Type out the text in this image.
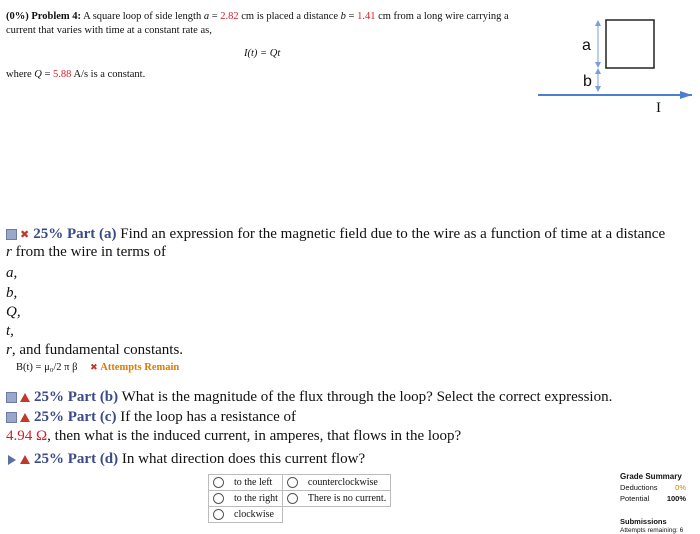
(0%) Problem 4: A square loop of side length a = 2.82 cm is placed a distance b = 1.41 cm from a long wire carrying a
current that varies with time at a constant rate as,
I(t) = Qt
where Q = 5.88 A/s is a constant.
a
b
I
✖ 25% Part (a) Find an expression for the magnetic field due to the wire as a function of time at a distance
r from the wire in terms of
a,
b,
Q,
t,
r, and fundamental constants.
B(t) = μ₀/2 π β ✖ Attempts Remain
25% Part (b) What is the magnitude of the flux through the loop? Select the correct expression.
25% Part (c) If the loop has a resistance of
4.94 Ω, then what is the induced current, in amperes, that flows in the loop?
25% Part (d) In what direction does this current flow?
to the left	counterclockwise
to the right	There is no current.
clockwise	
Grade Summary
Deductions 0%
Potential 100%
Submissions
Attempts remaining: 6
